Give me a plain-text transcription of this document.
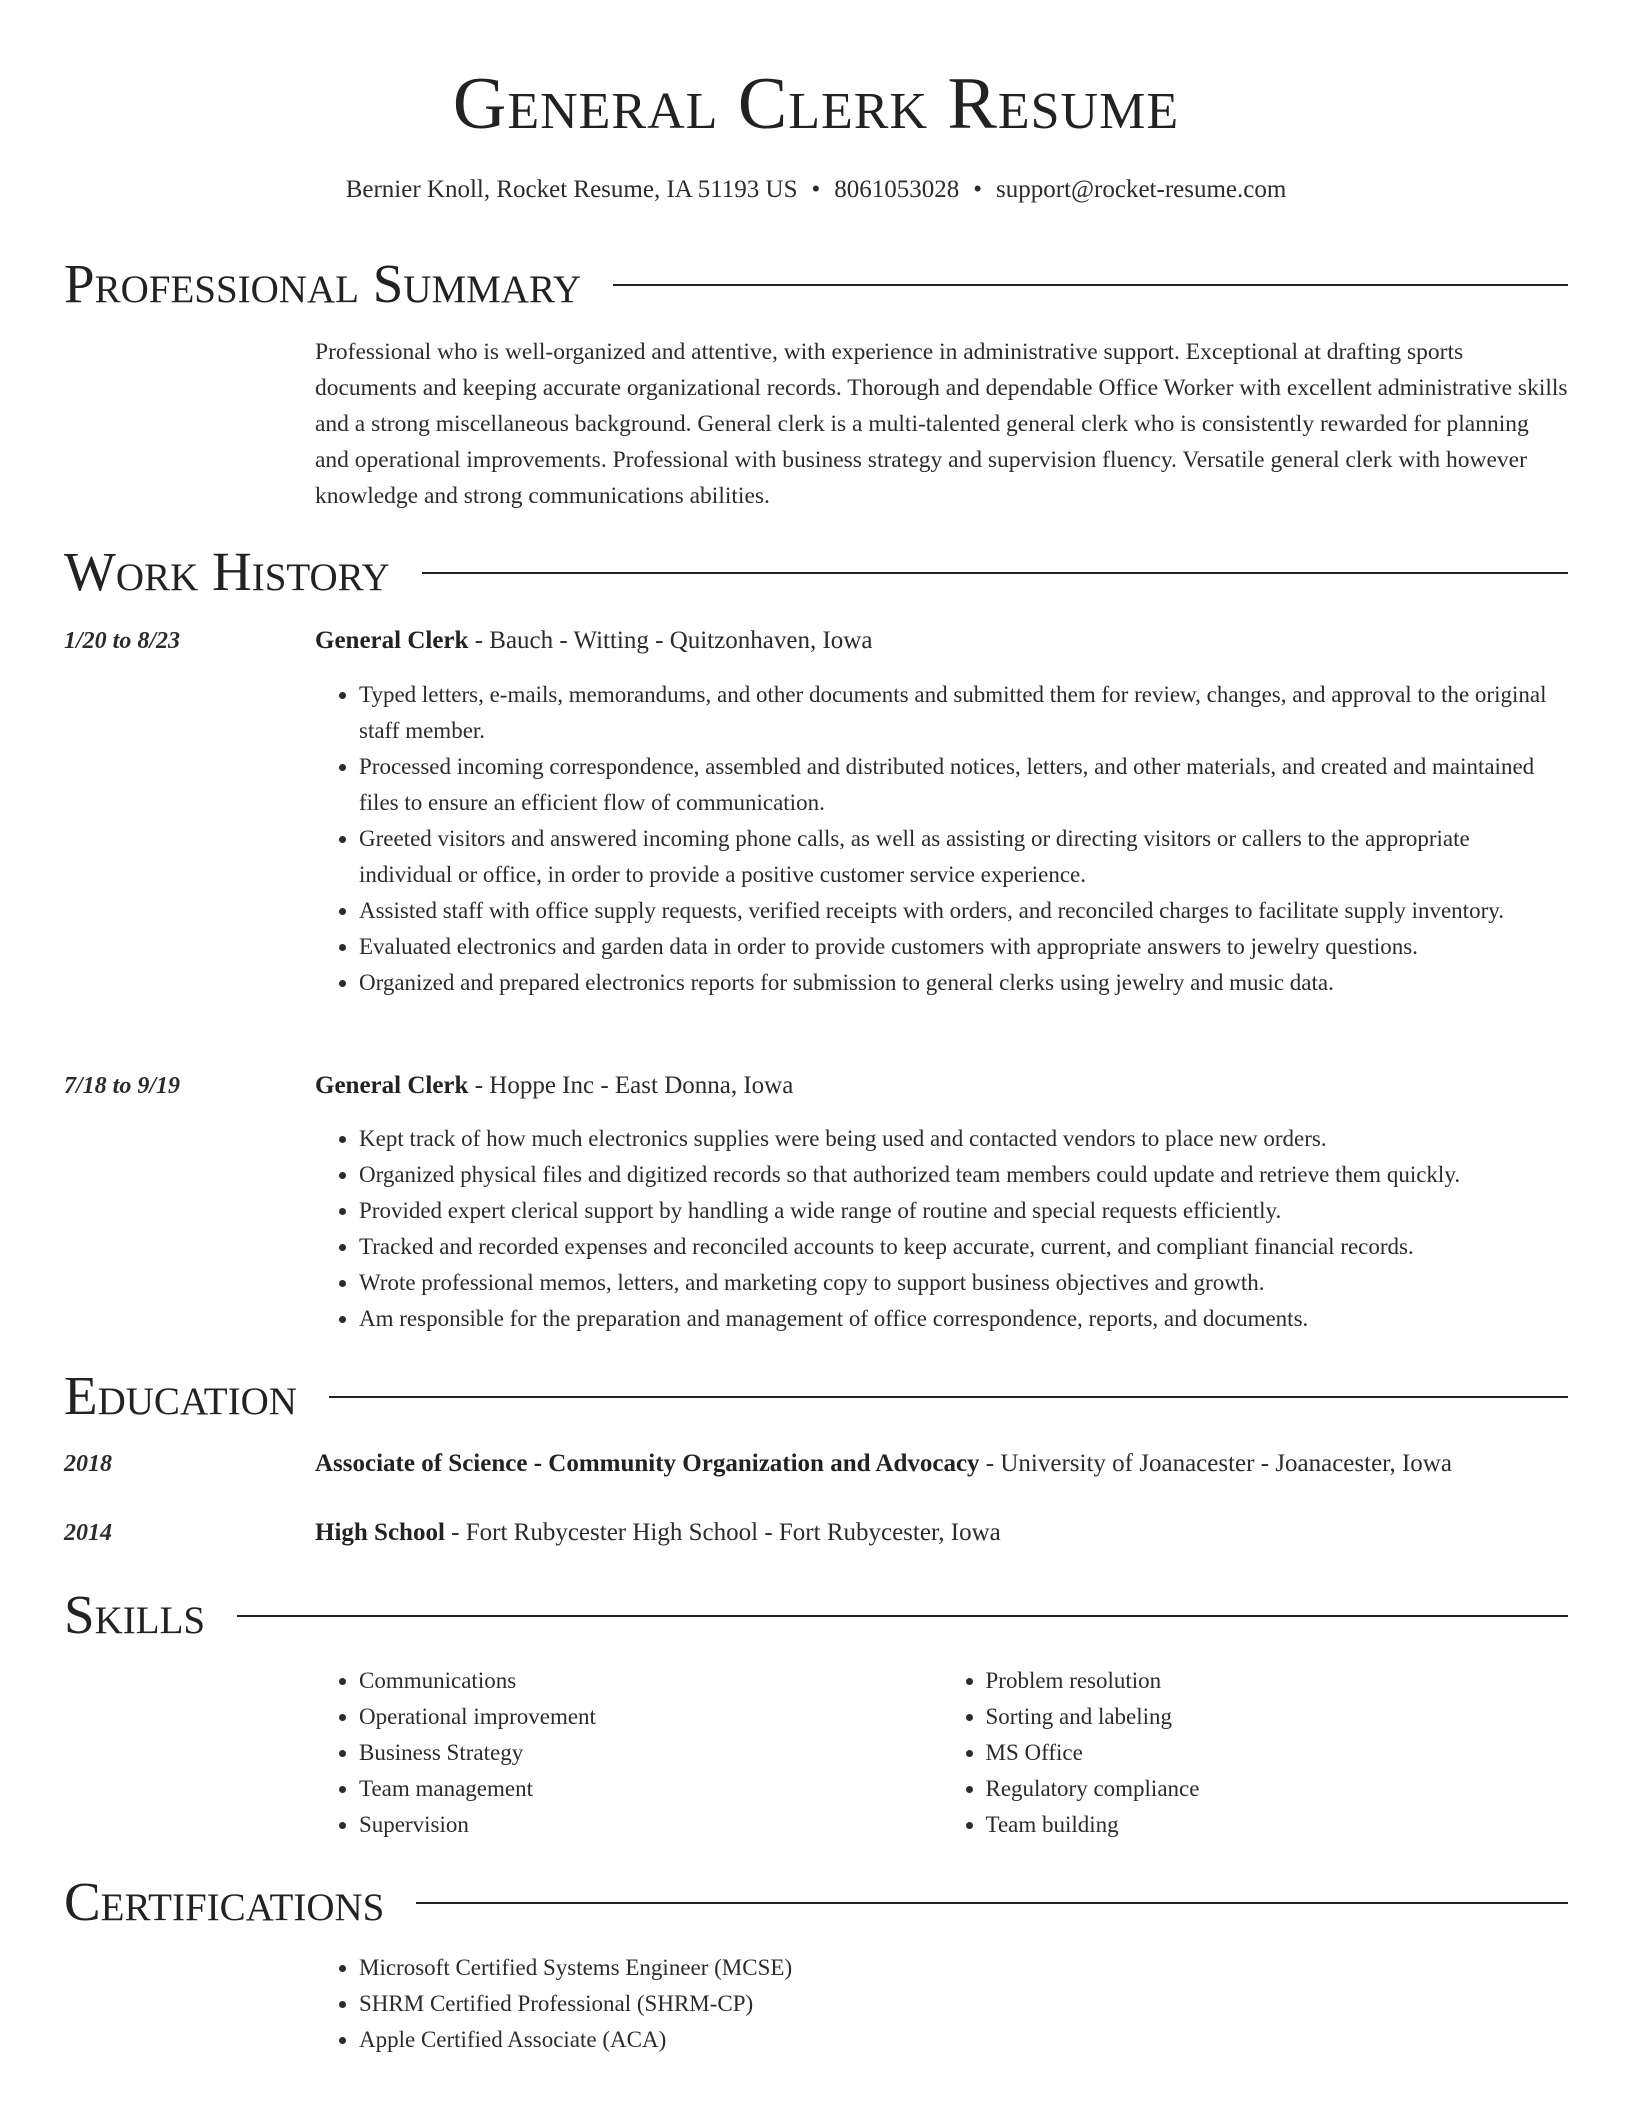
General Clerk Resume
Bernier Knoll, Rocket Resume, IA 51193 US • 8061053028 • support@rocket-resume.com
Professional Summary
Professional who is well-organized and attentive, with experience in administrative support. Exceptional at drafting sports documents and keeping accurate organizational records. Thorough and dependable Office Worker with excellent administrative skills and a strong miscellaneous background. General clerk is a multi-talented general clerk who is consistently rewarded for planning and operational improvements. Professional with business strategy and supervision fluency. Versatile general clerk with however knowledge and strong communications abilities.
Work History
1/20 to 8/23	General Clerk - Bauch - Witting - Quitzonhaven, Iowa
• Typed letters, e-mails, memorandums, and other documents and submitted them for review, changes, and approval to the original staff member.
• Processed incoming correspondence, assembled and distributed notices, letters, and other materials, and created and maintained files to ensure an efficient flow of communication.
• Greeted visitors and answered incoming phone calls, as well as assisting or directing visitors or callers to the appropriate individual or office, in order to provide a positive customer service experience.
• Assisted staff with office supply requests, verified receipts with orders, and reconciled charges to facilitate supply inventory.
• Evaluated electronics and garden data in order to provide customers with appropriate answers to jewelry questions.
• Organized and prepared electronics reports for submission to general clerks using jewelry and music data.
7/18 to 9/19	General Clerk - Hoppe Inc - East Donna, Iowa
• Kept track of how much electronics supplies were being used and contacted vendors to place new orders.
• Organized physical files and digitized records so that authorized team members could update and retrieve them quickly.
• Provided expert clerical support by handling a wide range of routine and special requests efficiently.
• Tracked and recorded expenses and reconciled accounts to keep accurate, current, and compliant financial records.
• Wrote professional memos, letters, and marketing copy to support business objectives and growth.
• Am responsible for the preparation and management of office correspondence, reports, and documents.
Education
2018	Associate of Science - Community Organization and Advocacy - University of Joanacester - Joanacester, Iowa
2014	High School - Fort Rubycester High School - Fort Rubycester, Iowa
Skills
• Communications
• Operational improvement
• Business Strategy
• Team management
• Supervision
• Problem resolution
• Sorting and labeling
• MS Office
• Regulatory compliance
• Team building
Certifications
• Microsoft Certified Systems Engineer (MCSE)
• SHRM Certified Professional (SHRM-CP)
• Apple Certified Associate (ACA)
